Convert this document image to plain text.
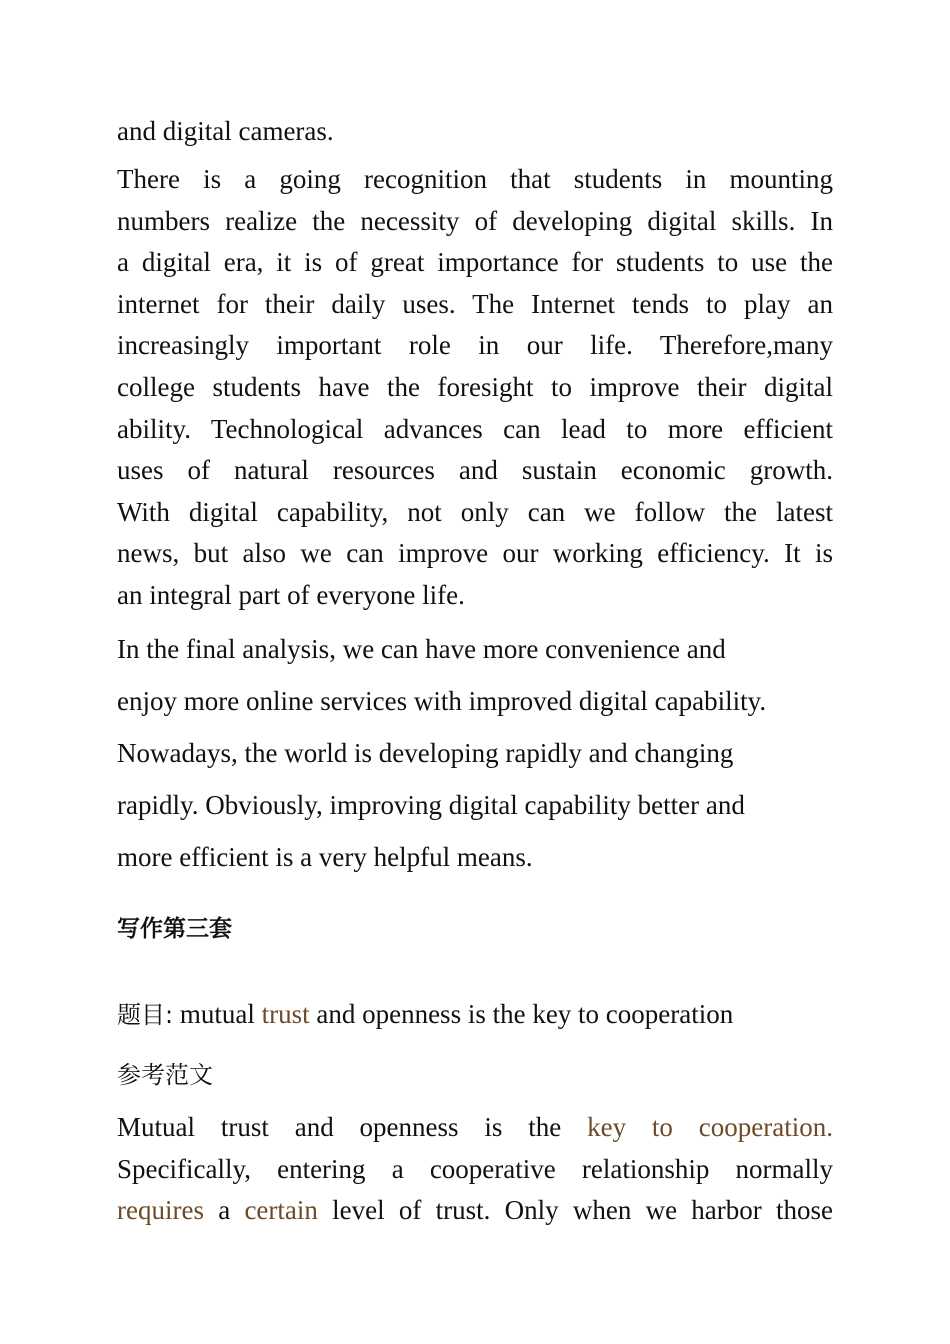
and digital cameras.

There is a going recognition that students in mounting
numbers realize the necessity of developing digital skills. In
a digital era, it is of great importance for students to use the
internet for their daily uses. The Internet tends to play an
increasingly important role in our life. Therefore,many
college students have the foresight to improve their digital
ability. Technological advances can lead to more efficient
uses of natural resources and sustain economic growth.
With digital capability, not only can we follow the latest
news, but also we can improve our working efficiency. It is
an integral part of everyone life.
In the final analysis, we can have more convenience and
enjoy more online services with improved digital capability.
Nowadays, the world is developing rapidly and changing
rapidly. Obviously, improving digital capability better and
more efficient is a very helpful means.

写作第三套

题目: mutual trust and openness is the key to cooperation

参考范文

Mutual trust and openness is the key to cooperation.
Specifically, entering a cooperative relationship normally
requires a certain level of trust. Only when we harbor those
